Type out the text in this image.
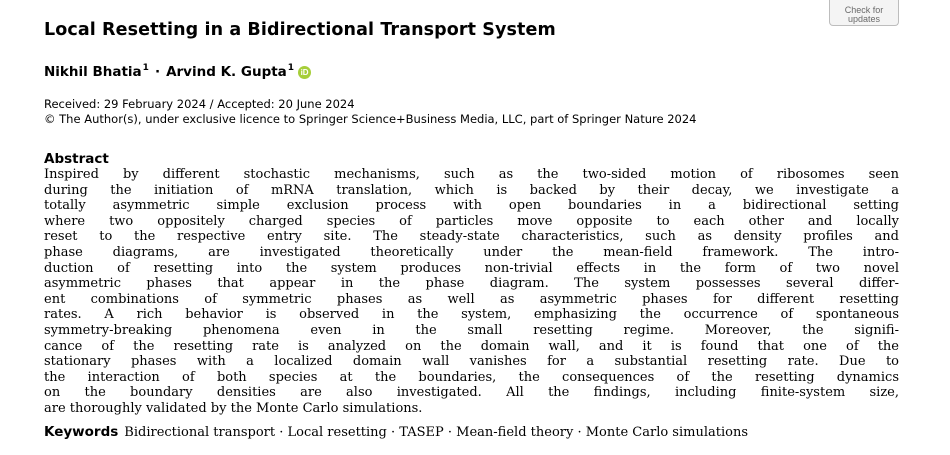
Check for
updates
Local Resetting in a Bidirectional Transport System
Nikhil Bhatia$^1$ · Arvind K. Gupta$^1$ iD
Received: 29 February 2024 / Accepted: 20 June 2024
© The Author(s), under exclusive licence to Springer Science+Business Media, LLC, part of Springer Nature 2024
Abstract
Inspired by different stochastic mechanisms, such as the two-sided motion of ribosomes seen
during the initiation of mRNA translation, which is backed by their decay, we investigate a
totally asymmetric simple exclusion process with open boundaries in a bidirectional setting
where two oppositely charged species of particles move opposite to each other and locally
reset to the respective entry site. The steady-state characteristics, such as density profiles and
phase diagrams, are investigated theoretically under the mean-field framework. The intro-
duction of resetting into the system produces non-trivial effects in the form of two novel
asymmetric phases that appear in the phase diagram. The system possesses several differ-
ent combinations of symmetric phases as well as asymmetric phases for different resetting
rates. A rich behavior is observed in the system, emphasizing the occurrence of spontaneous
symmetry-breaking phenomena even in the small resetting regime. Moreover, the signifi-
cance of the resetting rate is analyzed on the domain wall, and it is found that one of the
stationary phases with a localized domain wall vanishes for a substantial resetting rate. Due to
the interaction of both species at the boundaries, the consequences of the resetting dynamics
on the boundary densities are also investigated. All the findings, including finite-system size,
are thoroughly validated by the Monte Carlo simulations.
Keywords Bidirectional transport · Local resetting · TASEP · Mean-field theory · Monte Carlo simulations
